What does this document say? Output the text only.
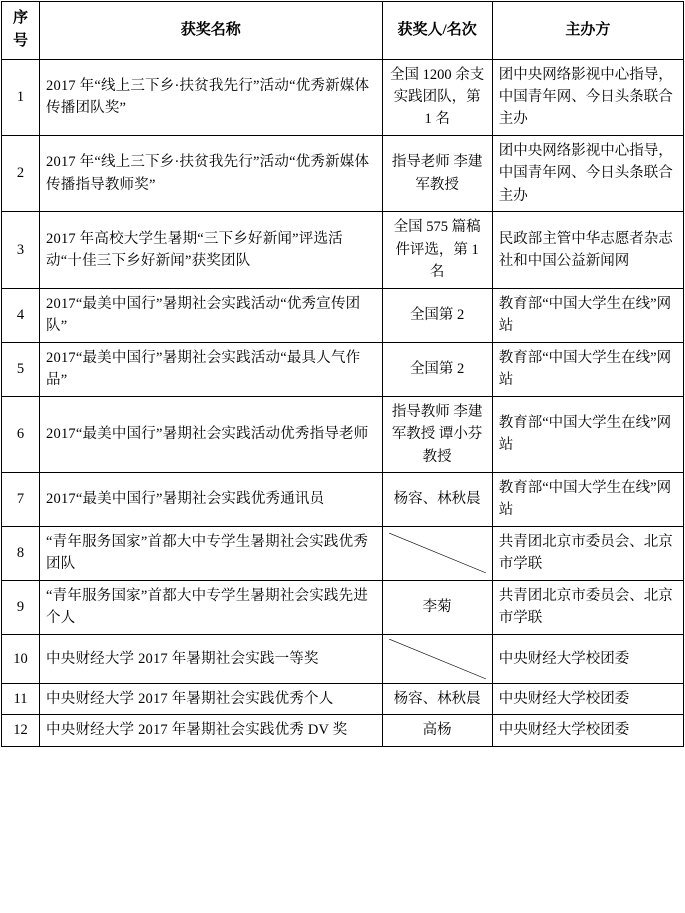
序号	获奖名称	获奖人/名次	主办方
1	2017 年“线上三下乡·扶贫我先行”活动“优秀新媒体传播团队奖”	全国 1200 余支实践团队，第 1 名	团中央网络影视中心指导，中国青年网、今日头条联合主办
2	2017 年“线上三下乡·扶贫我先行”活动“优秀新媒体传播指导教师奖”	指导老师 李建军教授	团中央网络影视中心指导，中国青年网、今日头条联合主办
3	2017 年高校大学生暑期“三下乡好新闻”评选活动“十佳三下乡好新闻”获奖团队	全国 575 篇稿件评选，第 1 名	民政部主管中华志愿者杂志社和中国公益新闻网
4	2017“最美中国行”暑期社会实践活动“优秀宣传团队”	全国第 2	教育部“中国大学生在线”网站
5	2017“最美中国行”暑期社会实践活动“最具人气作品”	全国第 2	教育部“中国大学生在线”网站
6	2017“最美中国行”暑期社会实践活动优秀指导老师	指导教师 李建军教授 谭小芬教授	教育部“中国大学生在线”网站
7	2017“最美中国行”暑期社会实践优秀通讯员	杨容、林秋晨	教育部“中国大学生在线”网站
8	“青年服务国家”首都大中专学生暑期社会实践优秀团队		共青团北京市委员会、北京市学联
9	“青年服务国家”首都大中专学生暑期社会实践先进个人	李菊	共青团北京市委员会、北京市学联
10	中央财经大学 2017 年暑期社会实践一等奖		中央财经大学校团委
11	中央财经大学 2017 年暑期社会实践优秀个人	杨容、林秋晨	中央财经大学校团委
12	中央财经大学 2017 年暑期社会实践优秀 DV 奖	高杨	中央财经大学校团委
